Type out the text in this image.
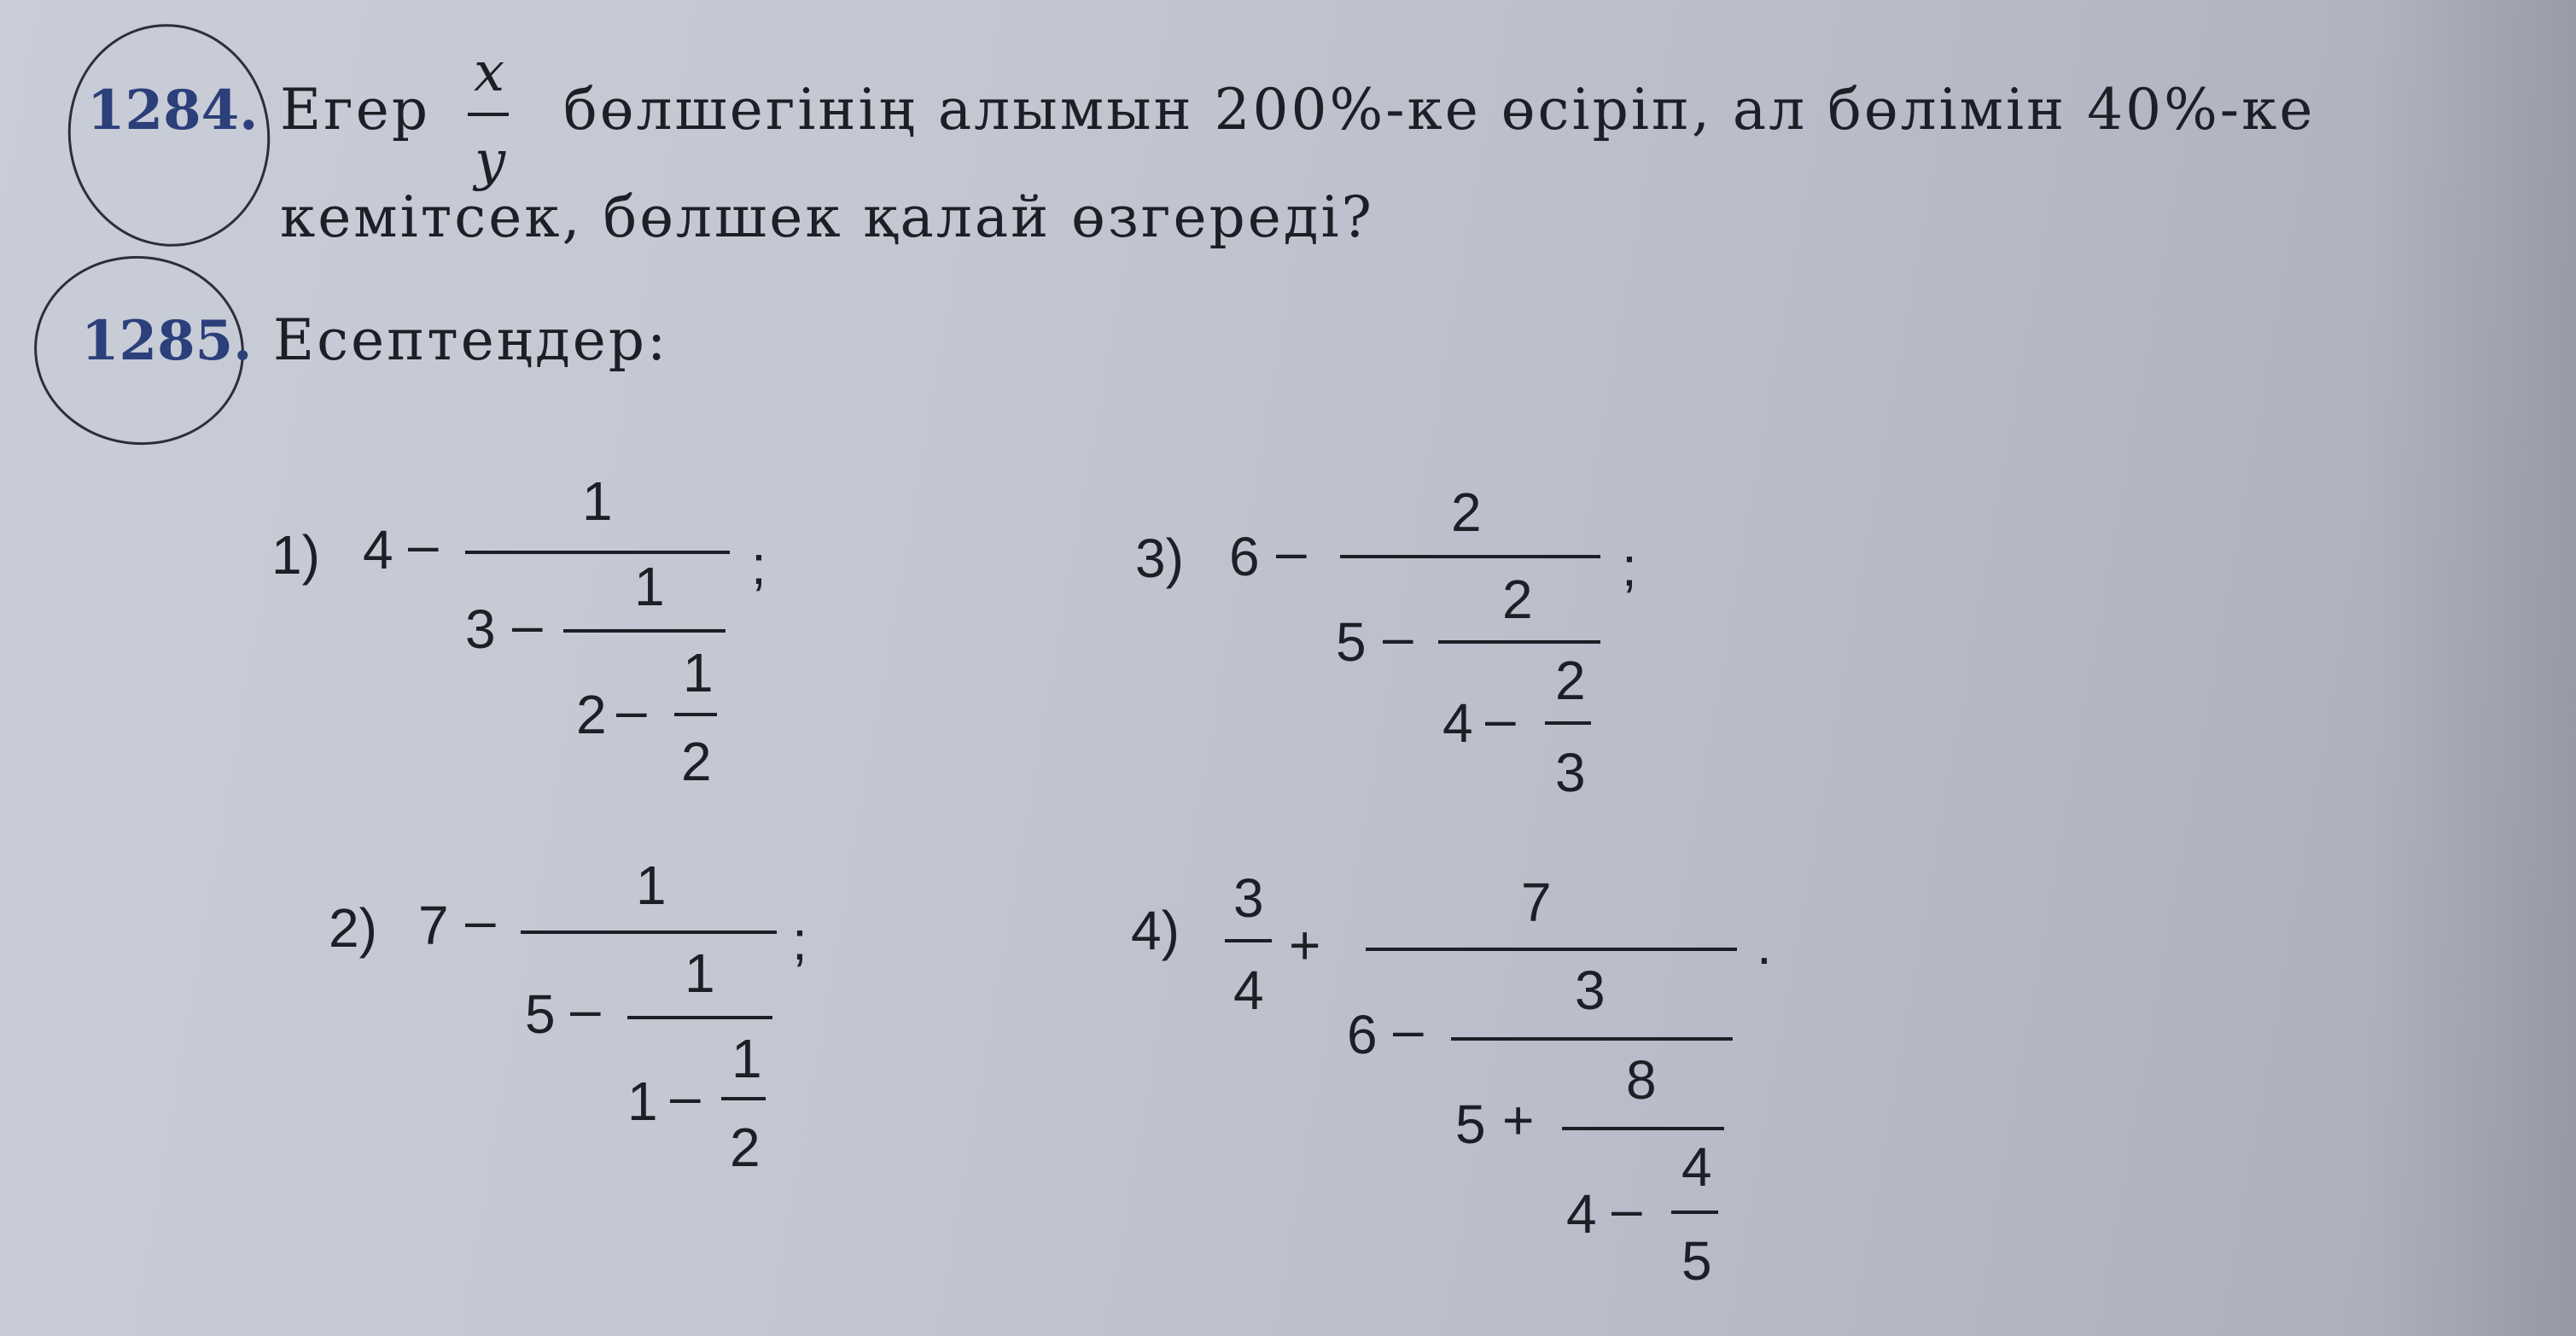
1284. Егер
x
y
бөлшегінің алымын 200%-ке өсіріп, ал бөлімін 40%-ке
кемітсек, бөлшек қалай өзгереді?
1285. Есептеңдер:
1) 4 –
1
;
3 –
1
2 –
1
2
2) 7 –
1
;
5 –
1
1 –
1
2
3) 6 –
2
;
5 –
2
4 –
2
3
4)
3
4
+
7
.
6 –
3
5 +
8
4 –
4
5
